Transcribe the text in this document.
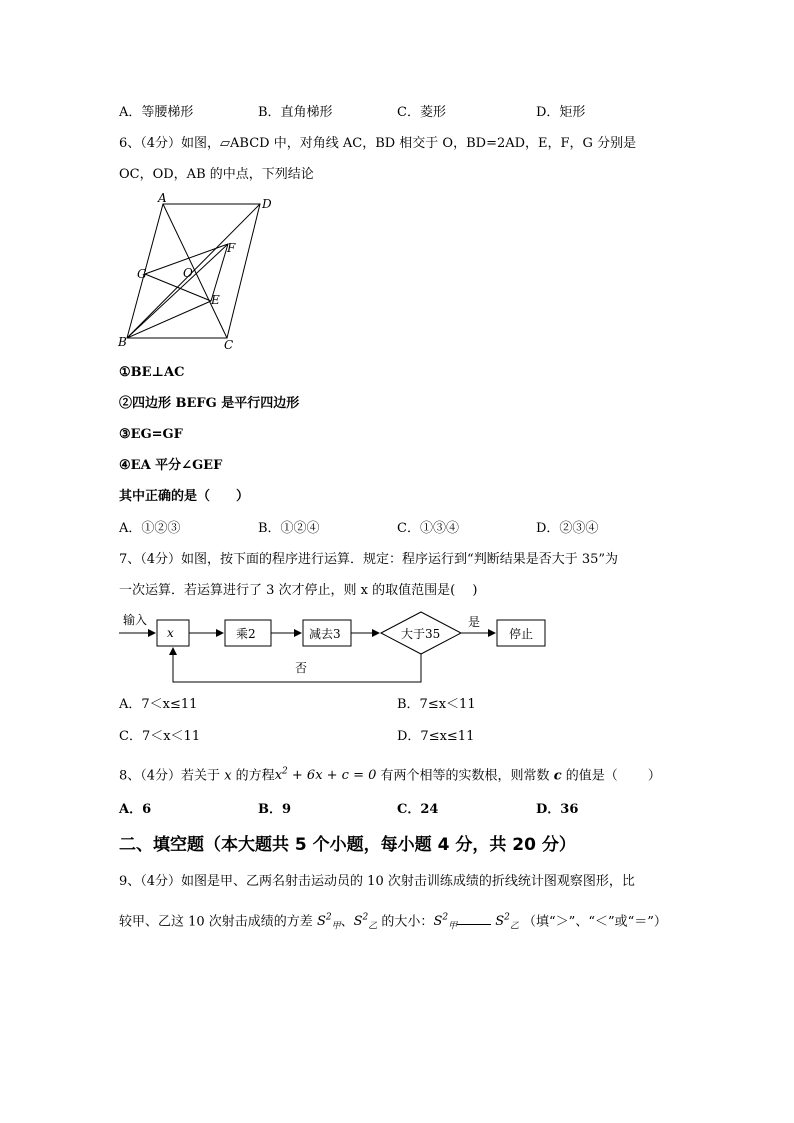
A．等腰梯形	B．直角梯形	C．菱形	D．矩形
6、（4分）如图，▱ABCD 中，对角线 AC，BD 相交于 O，BD=2AD，E，F，G 分别是
OC，OD，AB 的中点，下列结论
A	D
G	O
F
E
B	C
①BE⊥AC
②四边形 BEFG 是平行四边形
③EG=GF
④EA 平分∠GEF
其中正确的是（　　）
A．①②③	B．①②④	C．①③④	D．②③④
7、（4分）如图，按下面的程序进行运算．规定：程序运行到“判断结果是否大于 35”为
一次运算．若运算进行了 3 次才停止，则 x 的取值范围是(　 )
输入
x	乘2	减去3	大于35
是
停止
否
A．7＜x≤11	B．7≤x＜11
C．7＜x＜11	D．7≤x≤11
8、（4分）若关于 x 的方程$x^2 + 6x + c = 0$ 有两个相等的实数根，则常数 c 的值是（　　 ）
A．6	B．9	C．24	D．36
二、填空题（本大题共 5 个小题，每小题 4 分，共 20 分）
9、（4分）如图是甲、乙两名射击运动员的 10 次射击训练成绩的折线统计图观察图形，比
较甲、乙这 10 次射击成绩的方差 $S^2_甲$、$S^2_乙$ 的大小：$S^2_甲$	$S^2_乙$ （填“＞”、“＜”或“＝”）
